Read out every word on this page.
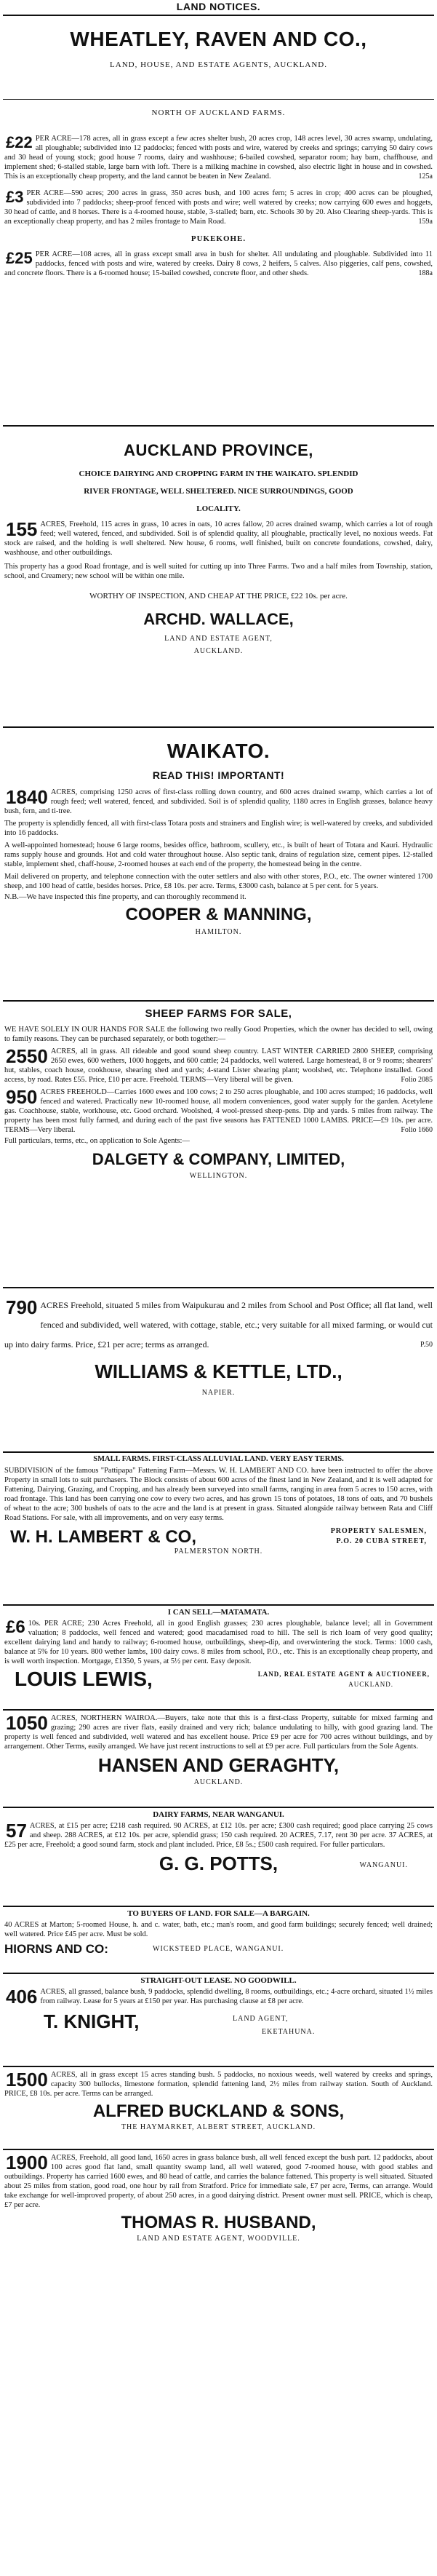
LAND NOTICES.
WHEATLEY, RAVEN AND CO.,
LAND, HOUSE, AND ESTATE AGENTS, AUCKLAND.
NORTH OF AUCKLAND FARMS.
£22 PER ACRE—178 acres, all in grass except a few acres shelter bush, 20 acres crop, 148 acres level, 30 acres swamp, undulating, all ploughable; subdivided into 12 paddocks; fenced with posts and wire, watered by creeks and springs; carrying 50 dairy cows and 30 head of young stock; good house 7 rooms, dairy and washhouse; 6-bailed cowshed, separator room; hay barn, chaffhouse, and implement shed; 6-stalled stable, large barn with loft. There is a milking machine in cowshed, also electric light in house and in cowshed. This is an exceptionally cheap property, and the land cannot be beaten in New Zealand.	125a
£3 PER ACRE—590 acres; 200 acres in grass, 350 acres bush, and 100 acres fern; 5 acres in crop; 400 acres can be ploughed, subdivided into 7 paddocks; sheep-proof fenced with posts and wire; well watered by creeks; now carrying 600 ewes and hoggets, 30 head of cattle, and 8 horses. There is a 4-roomed house, stable, 3-stalled; barn, etc. Schools 30 by 20. Also Clearing sheep-yards. This is an exceptionally cheap property, and has 2 miles frontage to Main Road.	159a
PUKEKOHE.
£25 PER ACRE—108 acres, all in grass except small area in bush for shelter. All undulating and ploughable. Subdivided into 11 paddocks, fenced with posts and wire, watered by creeks. Dairy 8 cows, 2 heifers, 5 calves. Also piggeries, calf pens, cowshed, and concrete floors. There is a 6-roomed house; 15-bailed cowshed, concrete floor, and other sheds.	188a
AUCKLAND PROVINCE,
CHOICE DAIRYING AND CROPPING FARM IN THE WAIKATO. SPLENDID
RIVER FRONTAGE, WELL SHELTERED. NICE SURROUNDINGS, GOOD
LOCALITY.
155 ACRES, Freehold, 115 acres in grass, 10 acres in oats, 10 acres fallow, 20 acres drained swamp, which carries a lot of rough feed; well watered, fenced, and subdivided. Soil is of splendid quality, all ploughable, practically level, no noxious weeds. Fat stock are raised, and the holding is well sheltered. New house, 6 rooms, well finished, built on concrete foundations, cowshed, dairy, washhouse, and other outbuildings.
This property has a good Road frontage, and is well suited for cutting up into Three Farms. Two and a half miles from Township, station, school, and Creamery; new school will be within one mile.
WORTHY OF INSPECTION, AND CHEAP AT THE PRICE, £22 10s. per acre.
ARCHD. WALLACE,
LAND AND ESTATE AGENT,
AUCKLAND.
WAIKATO.
READ THIS! IMPORTANT!
1840 ACRES, comprising 1250 acres of first-class rolling down country, and 600 acres drained swamp, which carries a lot of rough feed; well watered, fenced, and subdivided. Soil is of splendid quality, 1180 acres in English grasses, balance heavy bush, fern, and ti-tree.
The property is splendidly fenced, all with first-class Totara posts and strainers and English wire; is well-watered by creeks, and subdivided into 16 paddocks.
A well-appointed homestead; house 6 large rooms, besides office, bathroom, scullery, etc., is built of heart of Totara and Kauri. Hydraulic rams supply house and grounds. Hot and cold water throughout house. Also septic tank, drains of regulation size, cement pipes. 12-stalled stable, implement shed, chaff-house, 2-roomed houses at each end of the property, the homestead being in the centre.
Mail delivered on property, and telephone connection with the outer settlers and also with other stores, P.O., etc. The owner wintered 1700 sheep, and 100 head of cattle, besides horses. Price, £8 10s. per acre. Terms, £3000 cash, balance at 5 per cent. for 5 years.
N.B.—We have inspected this fine property, and can thoroughly recommend it.
COOPER & MANNING,
HAMILTON.
SHEEP FARMS FOR SALE,
WE HAVE SOLELY IN OUR HANDS FOR SALE the following two really Good Properties, which the owner has decided to sell, owing to family reasons. They can be purchased separately, or both together:—
2550 ACRES, all in grass. All rideable and good sound sheep country. LAST WINTER CARRIED 2800 SHEEP, comprising 2650 ewes, 600 wethers, 1000 hoggets, and 600 cattle; 24 paddocks, well watered. Large homestead, 8 or 9 rooms; shearers' hut, stables, coach house, cookhouse, shearing shed and yards; 4-stand Lister shearing plant; woolshed, etc. Telephone installed. Good access, by road. Rates £55. Price, £10 per acre. Freehold. TERMS—Very liberal will be given.	Folio 2085
950 ACRES FREEHOLD—Carries 1600 ewes and 100 cows; 2 to 250 acres ploughable, and 100 acres stumped; 16 paddocks, well fenced and watered. Practically new 10-roomed house, all modern conveniences, good water supply for the garden. Acetylene gas. Coachhouse, stable, workhouse, etc. Good orchard. Woolshed, 4 wool-pressed sheep-pens. Dip and yards. 5 miles from railway. The property has been most fully farmed, and during each of the past five seasons has FATTENED 1000 LAMBS. PRICE—£9 10s. per acre. TERMS—Very liberal.	Folio 1660
Full particulars, terms, etc., on application to Sole Agents:—
DALGETY & COMPANY, LIMITED,
WELLINGTON.
790 ACRES Freehold, situated 5 miles from Waipukurau and 2 miles from School and Post Office; all flat land, well fenced and subdivided, well watered, with cottage, stable, etc.; very suitable for all mixed farming, or would cut up into dairy farms. Price, £21 per acre; terms as arranged.	P.50
WILLIAMS & KETTLE, LTD.,
NAPIER.
SMALL FARMS. FIRST-CLASS ALLUVIAL LAND. VERY EASY TERMS.
SUBDIVISION of the famous "Pattipapa" Fattening Farm—Messrs. W. H. LAMBERT AND CO. have been instructed to offer the above Property in small lots to suit purchasers. The Block consists of about 600 acres of the finest land in New Zealand, and it is well adapted for Fattening, Dairying, Grazing, and Cropping, and has already been surveyed into small farms, ranging in area from 5 acres to 150 acres, with road frontage. This land has been carrying one cow to every two acres, and has grown 15 tons of potatoes, 18 tons of oats, and 70 bushels of wheat to the acre; 300 bushels of oats to the acre and the land is at present in grass. Situated alongside railway between Rata and Cliff Road Stations. For sale, with all improvements, and on very easy terms.
W. H. LAMBERT & CO,	PROPERTY SALESMEN,
P.O. 20 CUBA STREET,
PALMERSTON NORTH.
I CAN SELL—MATAMATA.
£6 10s. PER ACRE; 230 Acres Freehold, all in good English grasses; 230 acres ploughable, balance level; all in Government valuation; 8 paddocks, well fenced and watered; good macadamised road to hill. The sell is rich loam of very good quality; excellent dairying land and handy to railway; 6-roomed house, outbuildings, sheep-dip, and overwintering the stock. Terms: 1000 cash, balance at 5% for 10 years. 800 wether lambs, 100 dairy cows. 8 miles from school, P.O., etc. This is an exceptionally cheap property, and is well worth inspection. Mortgage, £1350, 5 years, at 5½ per cent. Easy deposit.
LOUIS LEWIS,	LAND, REAL ESTATE AGENT & AUCTIONEER,
AUCKLAND.
1050 ACRES, NORTHERN WAIROA.—Buyers, take note that this is a first-class Property, suitable for mixed farming and grazing; 290 acres are river flats, easily drained and very rich; balance undulating to hilly, with good grazing land. The property is well fenced and subdivided, well watered and has excellent house. Price £9 per acre for 700 acres without buildings, and by arrangement. Other Terms, easily arranged. We have just recent instructions to sell at £9 per acre. Full particulars from the Sole Agents.
HANSEN AND GERAGHTY,
AUCKLAND.
DAIRY FARMS, NEAR WANGANUI.
57 ACRES, at £15 per acre; £218 cash required. 90 ACRES, at £12 10s. per acre; £300 cash required; good place carrying 25 cows and sheep. 288 ACRES, at £12 10s. per acre, splendid grass; 150 cash required. 20 ACRES, 7.17, rent 30 per acre. 37 ACRES, at £25 per acre, Freehold; a good sound farm, stock and plant included. Price, £8 5s.; £500 cash required. For fuller particulars.
G. G. POTTS,	WANGANUI.
TO BUYERS OF LAND. FOR SALE—A BARGAIN.
40 ACRES at Marton; 5-roomed House, h. and c. water, bath, etc.; man's room, and good farm buildings; securely fenced; well drained; well watered. Price £45 per acre. Must be sold.
HIORNS AND CO:	WICKSTEED PLACE, WANGANUI.
STRAIGHT-OUT LEASE. NO GOODWILL.
406 ACRES, all grassed, balance bush, 9 paddocks, splendid dwelling, 8 rooms, outbuildings, etc.; 4-acre orchard, situated 1½ miles from railway. Lease for 5 years at £150 per year. Has purchasing clause at £8 per acre.
T. KNIGHT,	LAND AGENT,
EKETAHUNA.
1500 ACRES, all in grass except 15 acres standing bush. 5 paddocks, no noxious weeds, well watered by creeks and springs, capacity 300 bullocks, limestone formation, splendid fattening land, 2½ miles from railway station. South of Auckland. PRICE, £8 10s. per acre. Terms can be arranged.
ALFRED BUCKLAND & SONS,
THE HAYMARKET, ALBERT STREET, AUCKLAND.
1900 ACRES, Freehold, all good land, 1650 acres in grass balance bush, all well fenced except the bush part. 12 paddocks, about 100 acres good flat land, small quantity swamp land, all well watered, good 7-roomed house, with good stables and outbuildings. Property has carried 1600 ewes, and 80 head of cattle, and carries the balance fattened. This property is well situated. Situated about 25 miles from station, good road, one hour by rail from Stratford. Price for immediate sale, £7 per acre, Terms, can arrange. Would take exchange for well-improved property, of about 250 acres, in a good dairying district. Present owner must sell. PRICE, which is cheap, £7 per acre.
THOMAS R. HUSBAND,
LAND AND ESTATE AGENT, WOODVILLE.
